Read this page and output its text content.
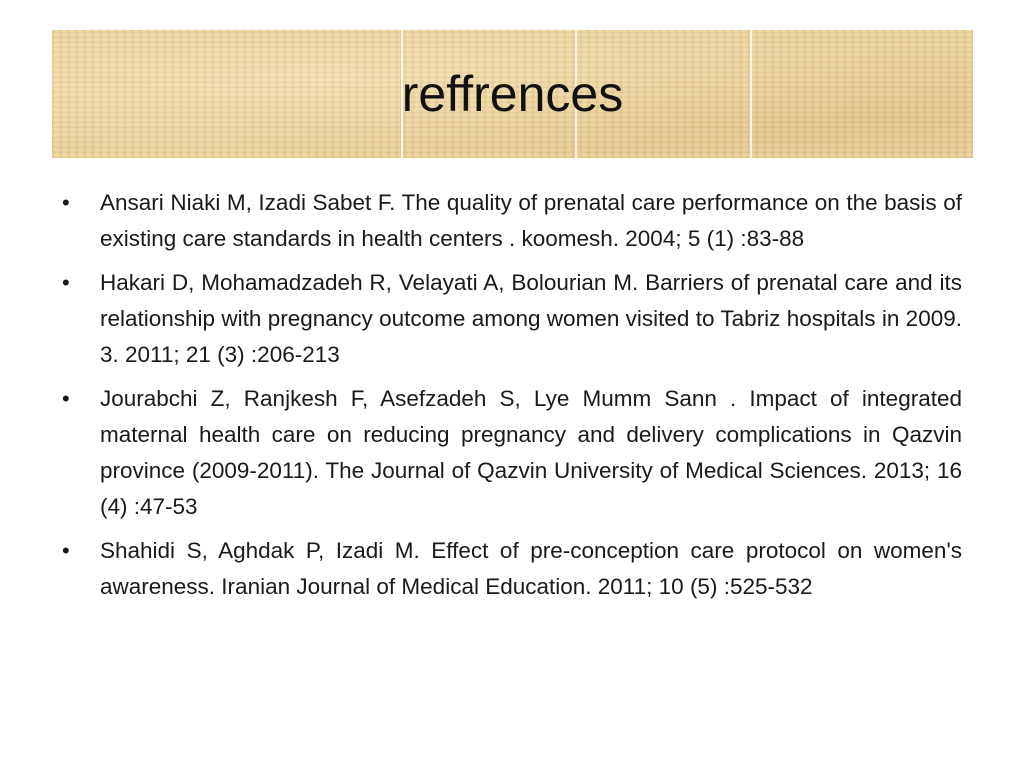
reffrences
• Ansari Niaki M, Izadi Sabet F. The quality of prenatal care performance on the basis of existing care standards in health centers . koomesh. 2004; 5 (1) :83-88
• Hakari D, Mohamadzadeh R, Velayati A, Bolourian M. Barriers of prenatal care and its relationship with pregnancy outcome among women visited to Tabriz hospitals in 2009. 3. 2011; 21 (3) :206-213
• Jourabchi Z, Ranjkesh F, Asefzadeh S, Lye Mumm Sann . Impact of integrated maternal health care on reducing pregnancy and delivery complications in Qazvin province (2009-2011). The Journal of Qazvin University of Medical Sciences. 2013; 16 (4) :47-53
• Shahidi S, Aghdak P, Izadi M. Effect of pre-conception care protocol on women's awareness. Iranian Journal of Medical Education. 2011; 10 (5) :525-532
